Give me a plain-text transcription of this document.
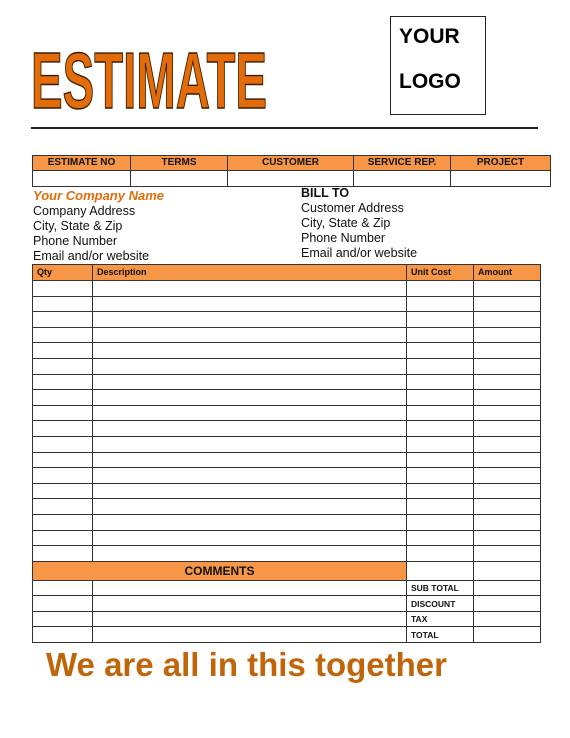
ESTIMATE	YOUR
LOGO
ESTIMATE NO	TERMS	CUSTOMER	SERVICE REP.	PROJECT

Your Company Name
Company Address
City, State & Zip
Phone Number
Email and/or website
BILL TO
Customer Address
City, State & Zip
Phone Number
Email and/or website
Qty	Description	Unit Cost	Amount

COMMENTS			
		SUB TOTAL	
		DISCOUNT	
		TAX	
		TOTAL	
We are all in this together
